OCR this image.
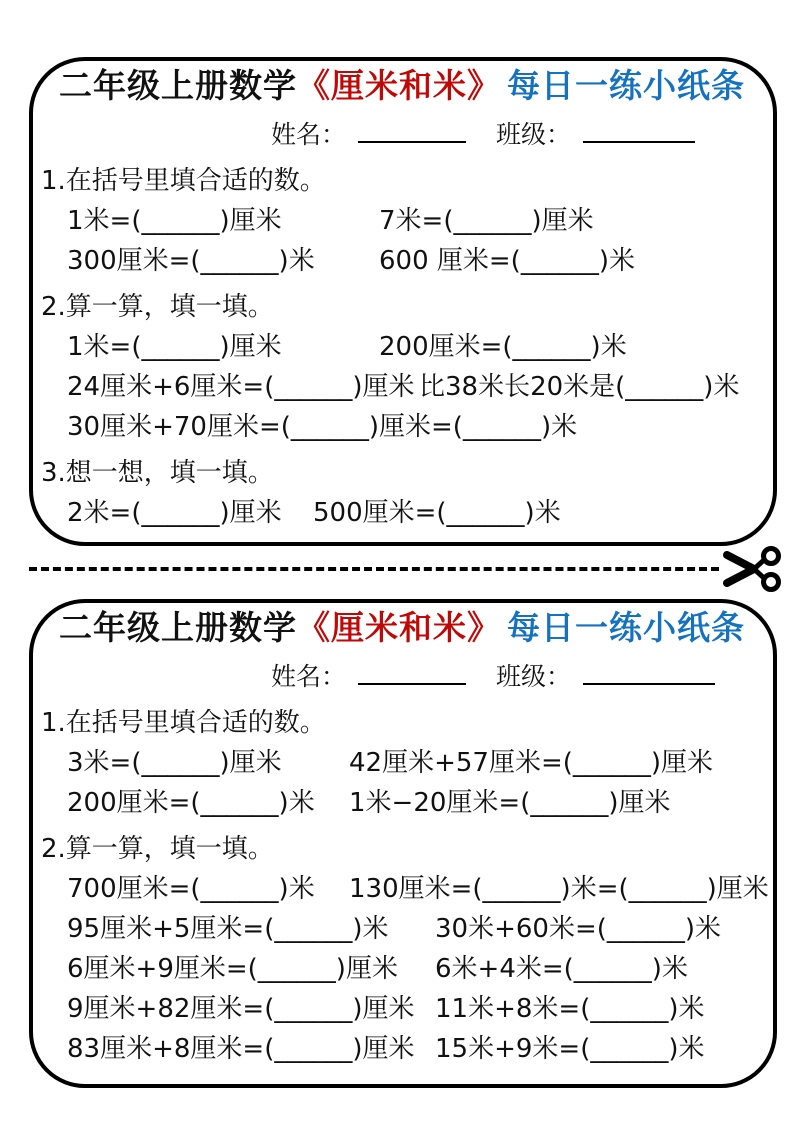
二年级上册数学《厘米和米》 每日一练小纸条
姓名：	班级：
1.在括号里填合适的数。
1米=(______)厘米	7米=(______)厘米
300厘米=(______)米	600 厘米=(______)米
2.算一算，填一填。
1米=(______)厘米	200厘米=(______)米
24厘米+6厘米=(______)厘米 比38米长20米是(______)米
30厘米+70厘米=(______)厘米=(______)米
3.想一想，填一填。
2米=(______)厘米	500厘米=(______)米
二年级上册数学《厘米和米》 每日一练小纸条
姓名：	班级：
1.在括号里填合适的数。
3米=(______)厘米	42厘米+57厘米=(______)厘米
200厘米=(______)米	1米−20厘米=(______)厘米
2.算一算，填一填。
700厘米=(______)米	130厘米=(______)米=(______)厘米
95厘米+5厘米=(______)米	30米+60米=(______)米
6厘米+9厘米=(______)厘米	6米+4米=(______)米
9厘米+82厘米=(______)厘米 11米+8米=(______)米
83厘米+8厘米=(______)厘米 15米+9米=(______)米
